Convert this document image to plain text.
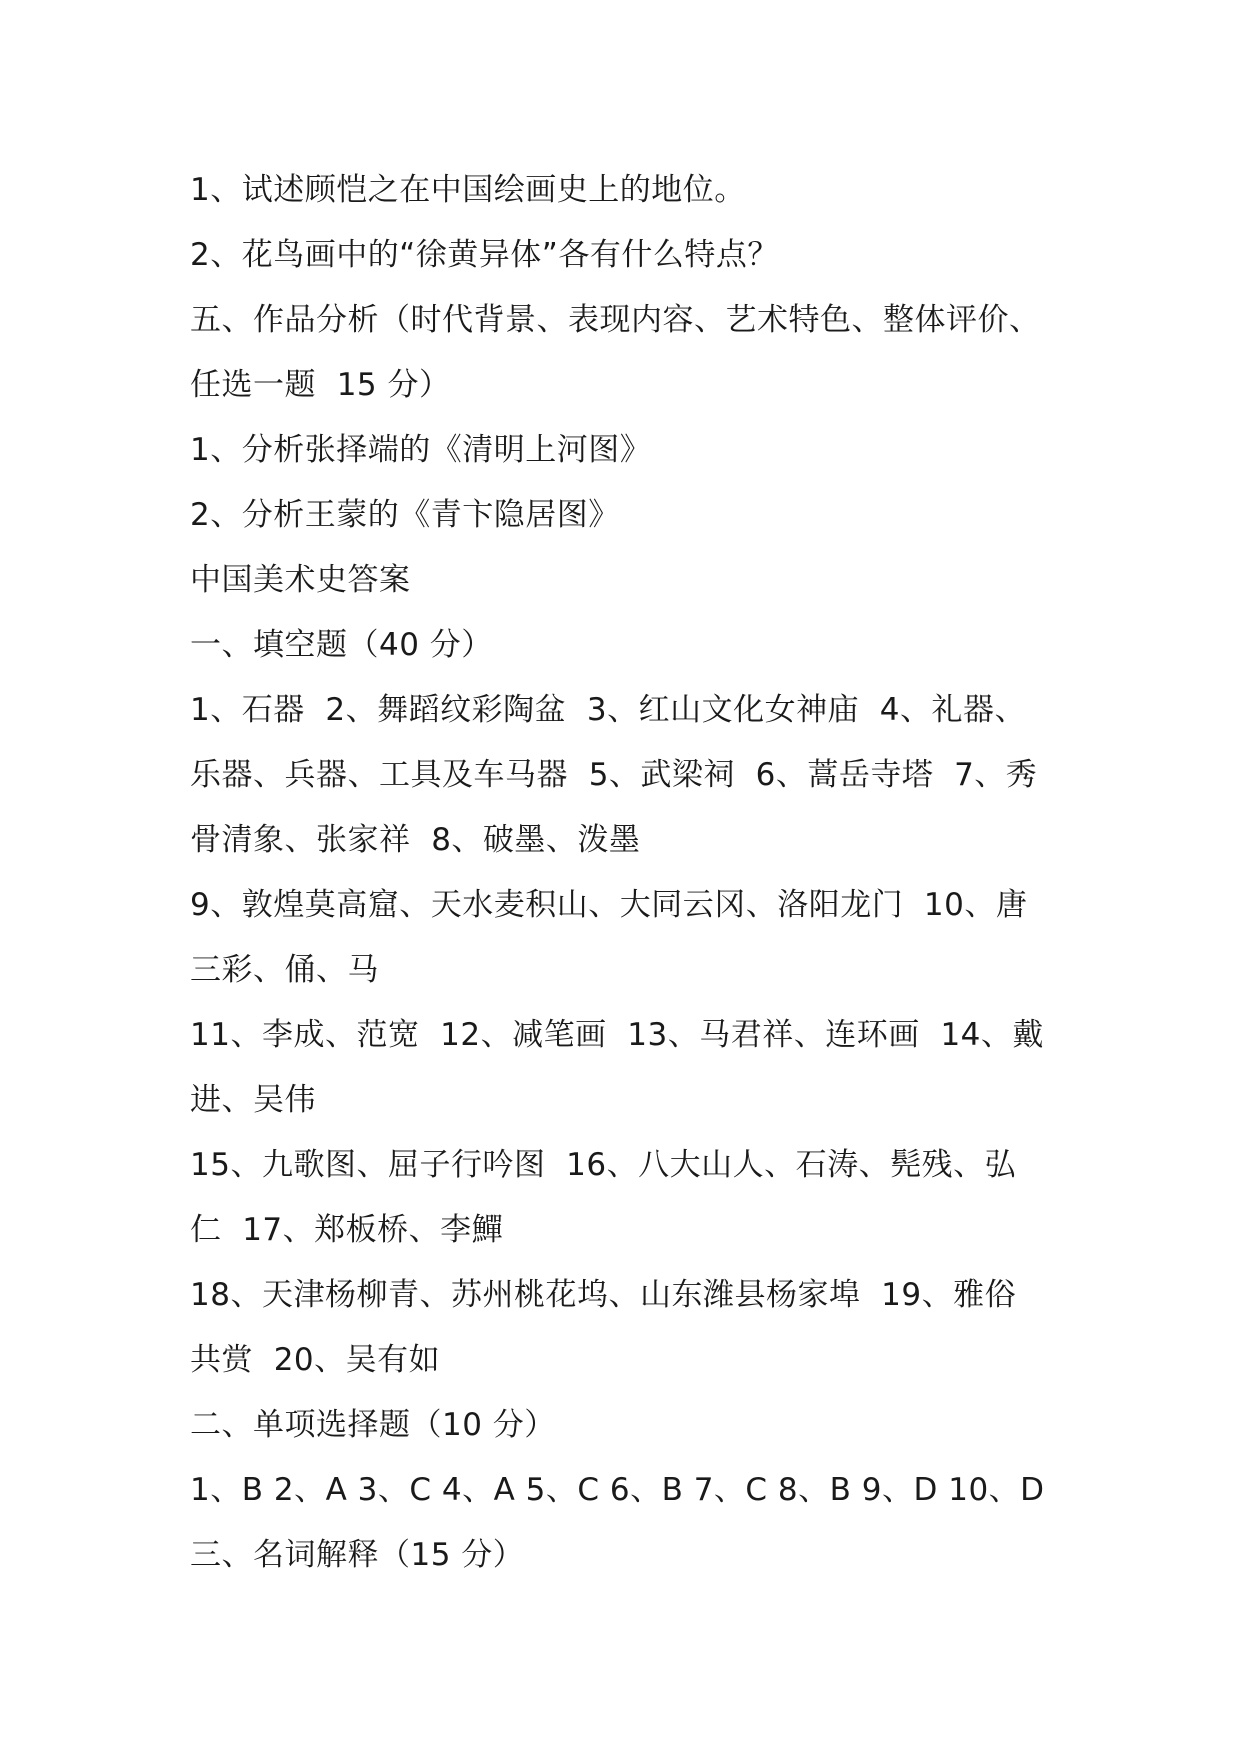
1、试述顾恺之在中国绘画史上的地位。
2、花鸟画中的“徐黄异体”各有什么特点？
五、作品分析（时代背景、表现内容、艺术特色、整体评价、
任选一题  15 分）
1、分析张择端的《清明上河图》
2、分析王蒙的《青卞隐居图》
中国美术史答案
一、填空题（40 分）
1、石器  2、舞蹈纹彩陶盆  3、红山文化女神庙  4、礼器、
乐器、兵器、工具及车马器  5、武梁祠  6、蒿岳寺塔  7、秀
骨清象、张家祥  8、破墨、泼墨
9、敦煌莫高窟、天水麦积山、大同云冈、洛阳龙门  10、唐
三彩、俑、马
11、李成、范宽  12、减笔画  13、马君祥、连环画  14、戴
进、吴伟
15、九歌图、屈子行吟图  16、八大山人、石涛、髡残、弘
仁  17、郑板桥、李鱓
18、天津杨柳青、苏州桃花坞、山东潍县杨家埠  19、雅俗
共赏  20、吴有如
二、单项选择题（10 分）
1、B 2、A 3、C 4、A 5、C 6、B 7、C 8、B 9、D 10、D
三、名词解释（15 分）
